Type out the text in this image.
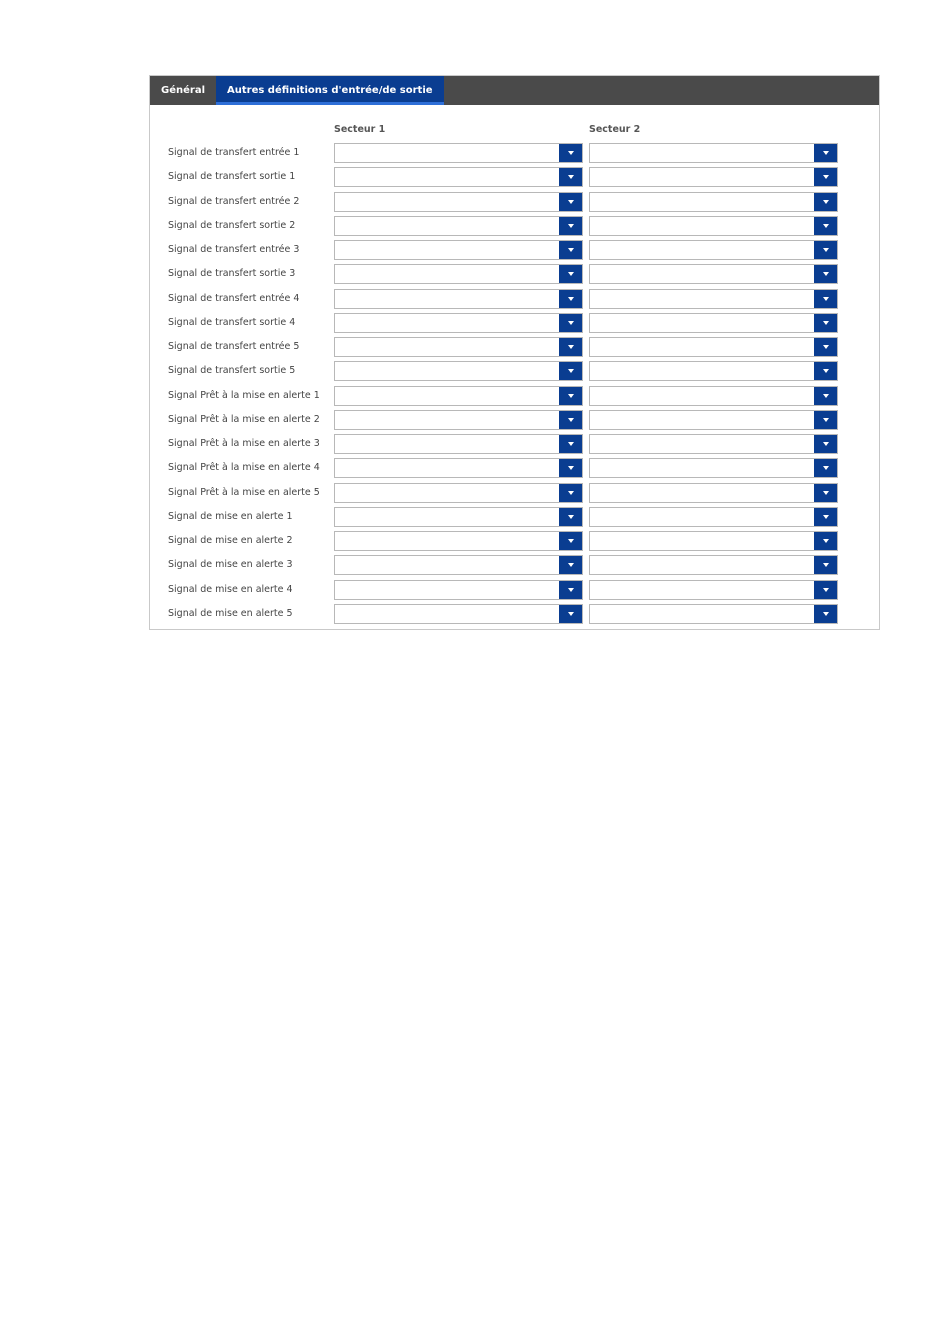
Général	Autres définitions d'entrée/de sortie
Secteur 1	Secteur 2
Signal de transfert entrée 1
Signal de transfert sortie 1
Signal de transfert entrée 2
Signal de transfert sortie 2
Signal de transfert entrée 3
Signal de transfert sortie 3
Signal de transfert entrée 4
Signal de transfert sortie 4
Signal de transfert entrée 5
Signal de transfert sortie 5
Signal Prêt à la mise en alerte 1
Signal Prêt à la mise en alerte 2
Signal Prêt à la mise en alerte 3
Signal Prêt à la mise en alerte 4
Signal Prêt à la mise en alerte 5
Signal de mise en alerte 1
Signal de mise en alerte 2
Signal de mise en alerte 3
Signal de mise en alerte 4
Signal de mise en alerte 5
